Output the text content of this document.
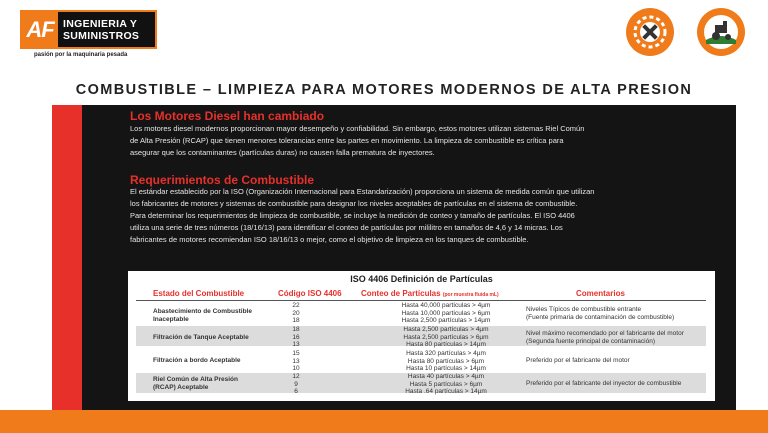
AF INGENIERIA Y
SUMINISTROS
pasión por la maquinaria pesada
COMBUSTIBLE – LIMPIEZA PARA MOTORES MODERNOS DE ALTA PRESION
Los Motores Diesel han cambiado
Los motores diesel modernos proporcionan mayor desempeño y confiabilidad. Sin embargo, estos motores utilizan sistemas Riel Común
de Alta Presión (RCAP) que tienen menores tolerancias entre las partes en movimiento. La limpieza de combustible es crítica para
asegurar que los contaminantes (partículas duras) no causen falla prematura de inyectores.
Requerimientos de Combustible
El estándar establecido por la ISO (Organización Internacional para Estandarización) proporciona un sistema de medida común que utilizan
los fabricantes de motores y sistemas de combustible para designar los niveles aceptables de partículas en el sistema de combustible.
Para determinar los requerimientos de limpieza de combustible, se incluye la medición de conteo y tamaño de partículas. El ISO 4406
utiliza una serie de tres números (18/16/13) para identificar el conteo de partículas por mililitro en tamaños de 4,6 y 14 micras. Los
fabricantes de motores recomiendan ISO 18/16/13 o mejor, como el objetivo de limpieza en los tanques de combustible.
ISO 4406 Definición de Partículas
Estado del Combustible	Código ISO 4406 Conteo de Partículas (por muestra fluida mL)	Comentarios
Abastecimiento de Combustible
Inaceptable
22
20
18
Hasta 40,000 partículas > 4µm
Hasta 10,000 partículas > 6µm
Hasta 2,500 partículas > 14µm
Niveles Típicos de combustible entrante
(Fuente primaria de contaminación de combustible)
Filtración de Tanque Aceptable
18
16
13
Hasta 2,500 partículas > 4µm
Hasta 2,500 partículas > 6µm
Hasta 80 partículas > 14µm
Nivel máximo recomendado por el fabricante del motor
(Segunda fuente principal de contaminación)
Filtración a bordo Aceptable
15
13
10
Hasta 320 partículas > 4µm
Hasta 80 partículas > 6µm
Hasta 10 partículas > 14µm
Preferido por el fabricante del motor
Riel Común de Alta Presión
(RCAP) Aceptable
12
9
6
Hasta 40 partículas > 4µm
Hasta 5 partículas > 6µm
Hasta .64 partículas > 14µm
Preferido por el fabricante del inyector de combustible
